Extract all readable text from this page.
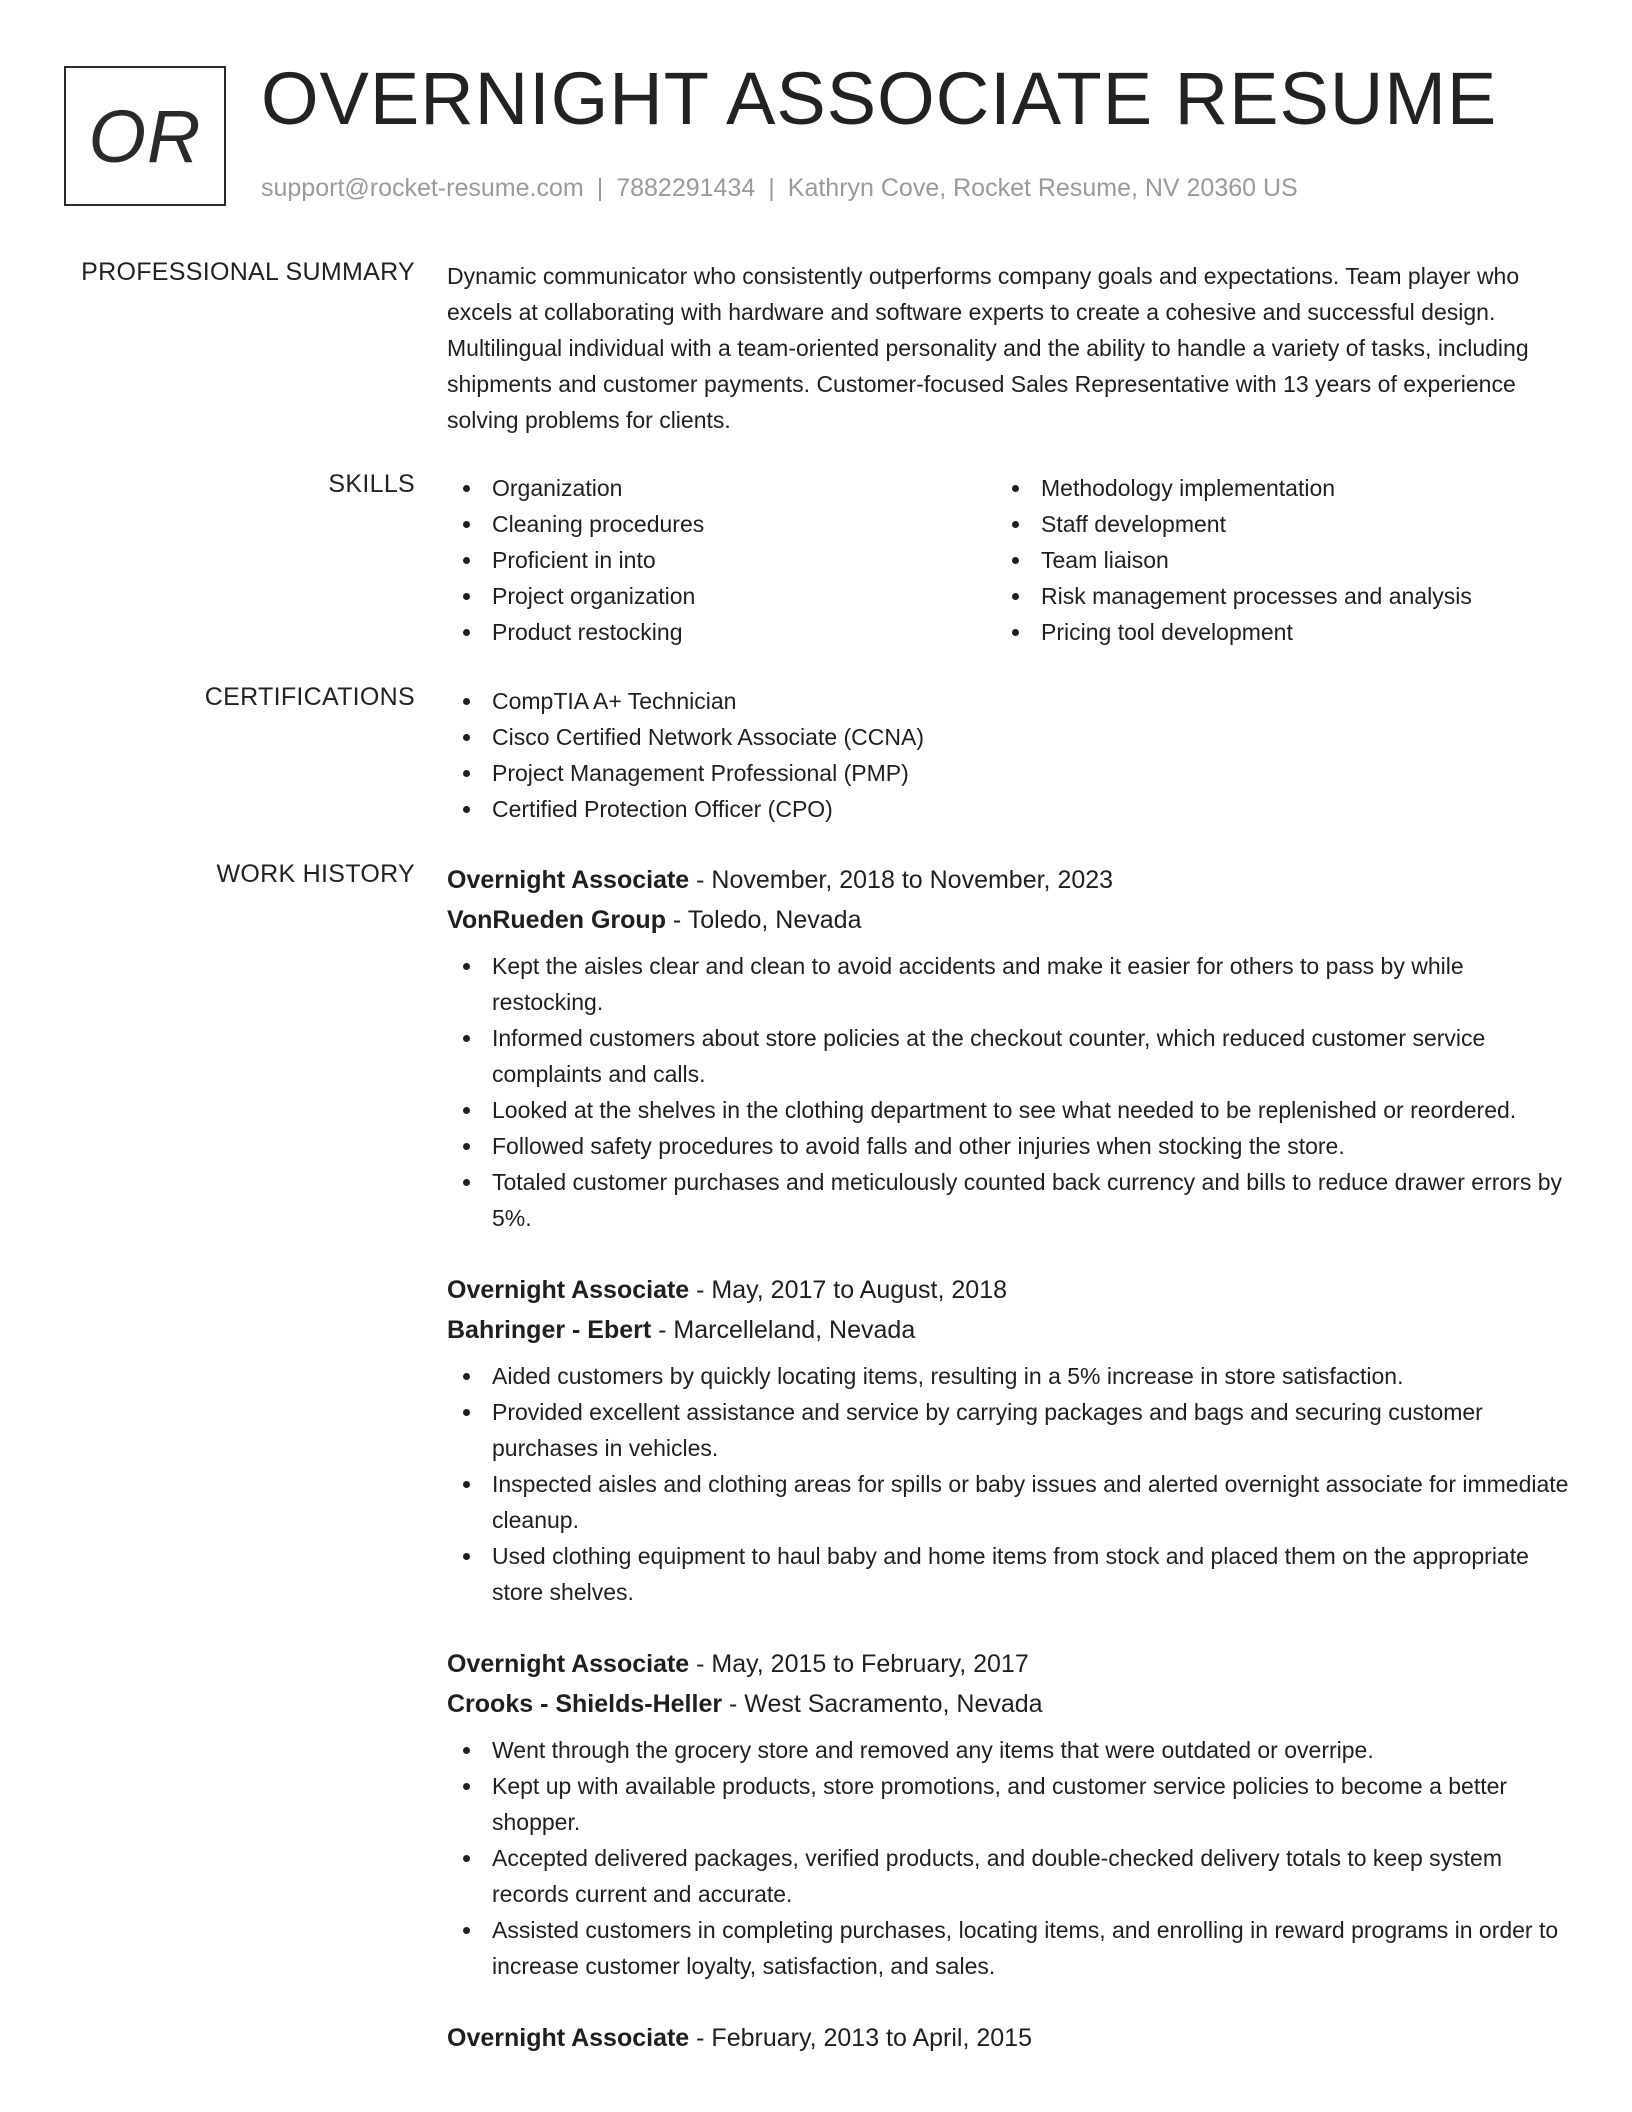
OR OVERNIGHT ASSOCIATE RESUME
support@rocket-resume.com | 7882291434 | Kathryn Cove, Rocket Resume, NV 20360 US
PROFESSIONAL SUMMARY Dynamic communicator who consistently outperforms company goals and expectations. Team player who excels at collaborating with hardware and software experts to create a cohesive and successful design. Multilingual individual with a team-oriented personality and the ability to handle a variety of tasks, including shipments and customer payments. Customer-focused Sales Representative with 13 years of experience solving problems for clients.

SKILLS	Organization
Cleaning procedures
Proficient in into
Project organization
Product restocking
Methodology implementation
Staff development
Team liaison
Risk management processes and analysis
Pricing tool development
CERTIFICATIONS	CompTIA A+ Technician
Cisco Certified Network Associate (CCNA)
Project Management Professional (PMP)
Certified Protection Officer (CPO)
WORK HISTORY Overnight Associate - November, 2018 to November, 2023
VonRueden Group - Toledo, Nevada
Kept the aisles clear and clean to avoid accidents and make it easier for others to pass by while restocking.
Informed customers about store policies at the checkout counter, which reduced customer service complaints and calls.
Looked at the shelves in the clothing department to see what needed to be replenished or reordered.
Followed safety procedures to avoid falls and other injuries when stocking the store.
Totaled customer purchases and meticulously counted back currency and bills to reduce drawer errors by 5%.
Overnight Associate - May, 2017 to August, 2018
Bahringer - Ebert - Marcelleland, Nevada
Aided customers by quickly locating items, resulting in a 5% increase in store satisfaction.
Provided excellent assistance and service by carrying packages and bags and securing customer purchases in vehicles.
Inspected aisles and clothing areas for spills or baby issues and alerted overnight associate for immediate cleanup.
Used clothing equipment to haul baby and home items from stock and placed them on the appropriate store shelves.
Overnight Associate - May, 2015 to February, 2017
Crooks - Shields-Heller - West Sacramento, Nevada
Went through the grocery store and removed any items that were outdated or overripe.
Kept up with available products, store promotions, and customer service policies to become a better shopper.
Accepted delivered packages, verified products, and double-checked delivery totals to keep system records current and accurate.
Assisted customers in completing purchases, locating items, and enrolling in reward programs in order to increase customer loyalty, satisfaction, and sales.
Overnight Associate - February, 2013 to April, 2015
